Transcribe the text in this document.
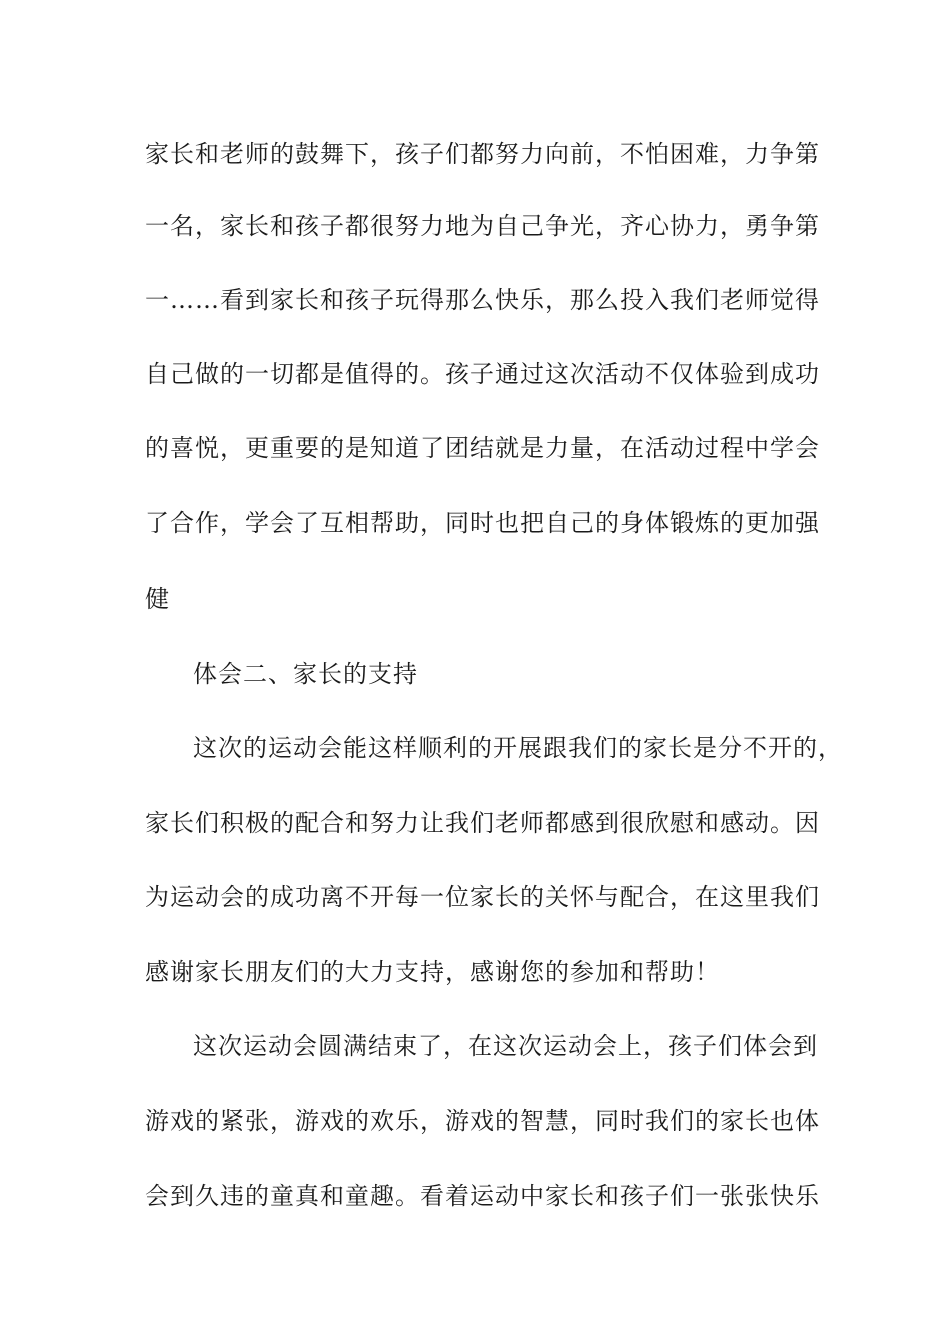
家长和老师的鼓舞下，孩子们都努力向前，不怕困难，力争第
一名，家长和孩子都很努力地为自己争光，齐心协力，勇争第
一……看到家长和孩子玩得那么快乐，那么投入我们老师觉得
自己做的一切都是值得的。孩子通过这次活动不仅体验到成功
的喜悦，更重要的是知道了团结就是力量，在活动过程中学会
了合作，学会了互相帮助，同时也把自己的身体锻炼的更加强
健
体会二、家长的支持
这次的运动会能这样顺利的开展跟我们的家长是分不开的，
家长们积极的配合和努力让我们老师都感到很欣慰和感动。因
为运动会的成功离不开每一位家长的关怀与配合，在这里我们
感谢家长朋友们的大力支持，感谢您的参加和帮助！
这次运动会圆满结束了，在这次运动会上，孩子们体会到
游戏的紧张，游戏的欢乐，游戏的智慧，同时我们的家长也体
会到久违的童真和童趣。看着运动中家长和孩子们一张张快乐
